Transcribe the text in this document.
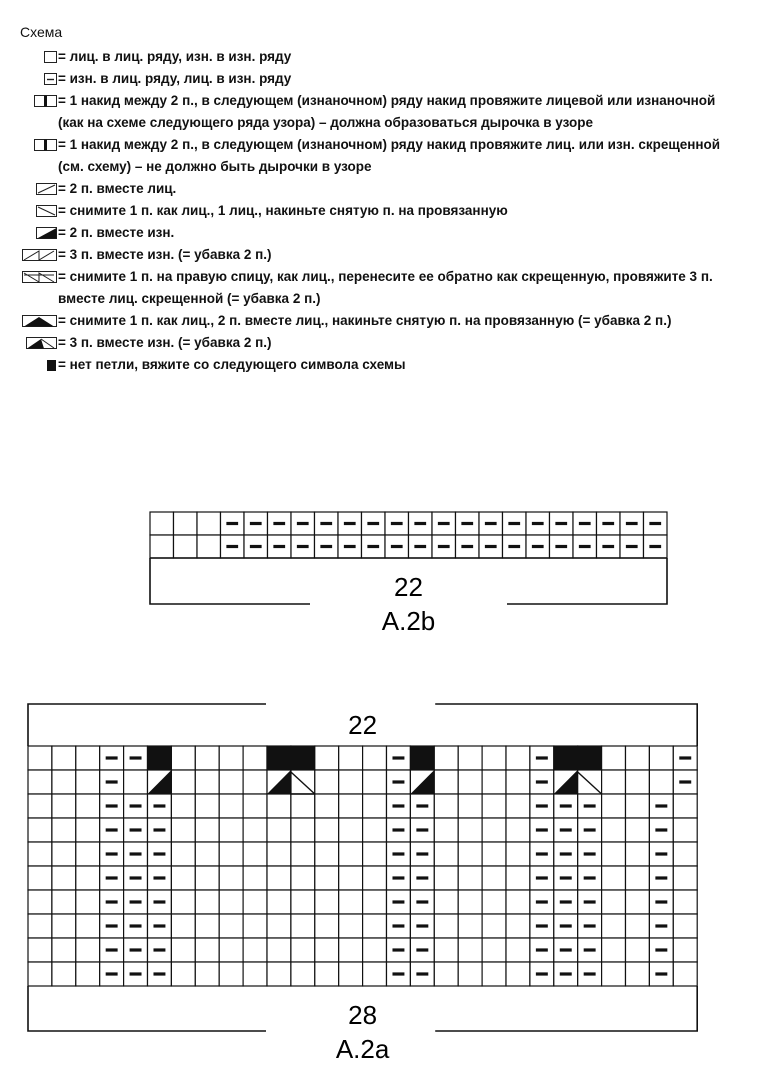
Схема
= лиц. в лиц. ряду, изн. в изн. ряду
= изн. в лиц. ряду, лиц. в изн. ряду
= 1 накид между 2 п., в следующем (изнаночном) ряду накид провяжите лицевой или изнаночной (как на схеме следующего ряда узора) – должна образоваться дырочка в узоре
= 1 накид между 2 п., в следующем (изнаночном) ряду накид провяжите лиц. или изн. скрещенной (см. схему) – не должно быть дырочки в узоре
= 2 п. вместе лиц.
= снимите 1 п. как лиц., 1 лиц., накиньте снятую п. на провязанную
= 2 п. вместе изн.
= 3 п. вместе изн. (= убавка 2 п.)
= снимите 1 п. на правую спицу, как лиц., перенесите ее обратно как скрещенную, провяжите 3 п. вместе лиц. скрещенной (= убавка 2 п.)
= снимите 1 п. как лиц., 2 п. вместе лиц., накиньте снятую п. на провязанную (= убавка 2 п.)
= 3 п. вместе изн. (= убавка 2 п.)
= нет петли, вяжите со следующего символа схемы
22
A.2b
22
28
A.2a
